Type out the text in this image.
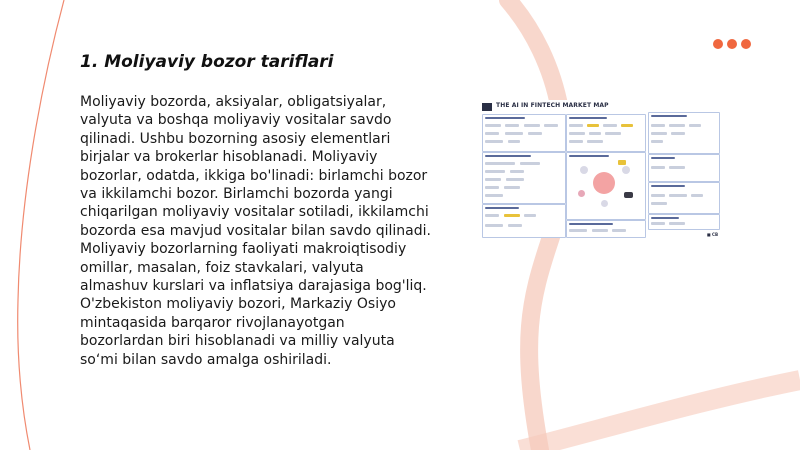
1. Moliyaviy bozor tariflari

Moliyaviy bozorda, aksiyalar, obligatsiyalar, valyuta va boshqa moliyaviy vositalar savdo qilinadi. Ushbu bozorning asosiy elementlari birjalar va brokerlar hisoblanadi. Moliyaviy bozorlar, odatda, ikkiga bo'linadi: birlamchi bozor va ikkilamchi bozor. Birlamchi bozorda yangi chiqarilgan moliyaviy vositalar sotiladi, ikkilamchi bozorda esa mavjud vositalar bilan savdo qilinadi. Moliyaviy bozorlarning faoliyati makroiqtisodiy omillar, masalan, foiz stavkalari, valyuta almashuv kurslari va inflatsiya darajasiga bog'liq. O'zbekiston moliyaviy bozori, Markaziy Osiyo mintaqasida barqaror rivojlanayotgan bozorlardan biri hisoblanadi va milliy valyuta so‘mi bilan savdo amalga oshiriladi.

THE AI IN FINTECH MARKET MAP
■ CB
